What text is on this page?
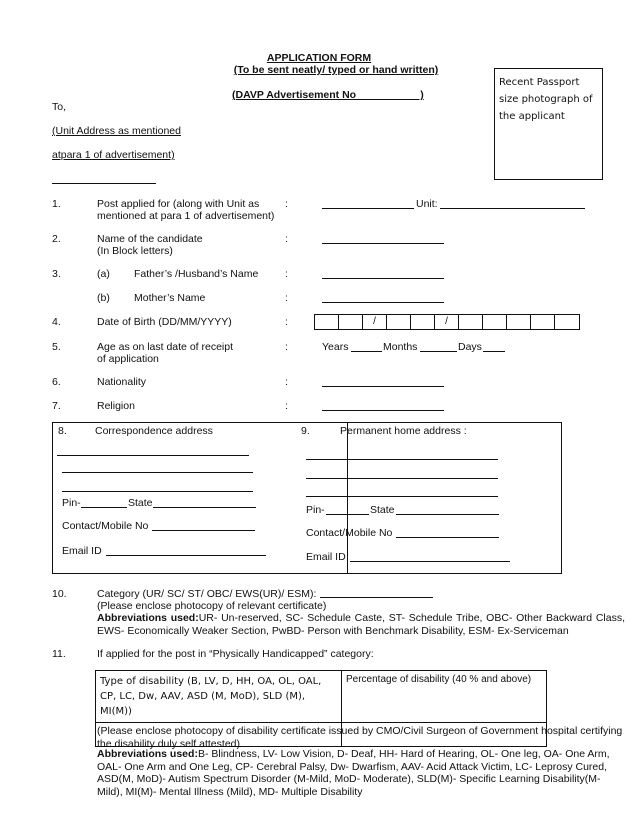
APPLICATION FORM
(To be sent neatly/ typed or hand written)
(DAVP Advertisement No                      )
Recent Passport size photograph of the applicant
To,
(Unit Address as mentioned
atpara 1 of advertisement)
1.	Post applied for (along with Unit as
mentioned at para 1 of advertisement)
:	Unit:
2.	Name of the candidate
(In Block letters)
:
3.	(a) Father’s /Husband’s Name	:
(b) Mother’s Name	:
4.	Date of Birth (DD/MM/YYYY)	:	/	/
5.	Age as on last date of receipt
of application
:	Years	Months	Days
6.	Nationality	:
7.	Religion	:
8.	Correspondence address
Pin-	State
Contact/Mobile No
Email ID
9.	Permanent home address :
Pin-	State
Contact/Mobile No
Email ID
10.	Category (UR/ SC/ ST/ OBC/ EWS(UR)/ ESM):
(Please enclose photocopy of relevant certificate)
Abbreviations used:UR- Un-reserved, SC- Schedule Caste, ST- Schedule Tribe, OBC- Other Backward Class, EWS- Economically Weaker Section, PwBD- Person with Benchmark Disability, ESM- Ex-Serviceman
11.	If applied for the post in “Physically Handicapped” category:
Type of disability (B, LV, D, HH, OA, OL, OAL, CP, LC, Dw, AAV, ASD (M, MoD), SLD (M), MI(M))	Percentage of disability (40 % and above)

(Please enclose photocopy of disability certificate issued by CMO/Civil Surgeon of Government hospital certifying the disability duly self attested)
Abbreviations used:B- Blindness, LV- Low Vision, D- Deaf, HH- Hard of Hearing, OL- One leg, OA- One Arm, OAL- One Arm and One Leg, CP- Cerebral Palsy, Dw- Dwarfism, AAV- Acid Attack Victim, LC- Leprosy Cured, ASD(M, MoD)- Autism Spectrum Disorder (M-Mild, MoD- Moderate), SLD(M)- Specific Learning Disability(M-Mild), MI(M)- Mental Illness (Mild), MD- Multiple Disability
